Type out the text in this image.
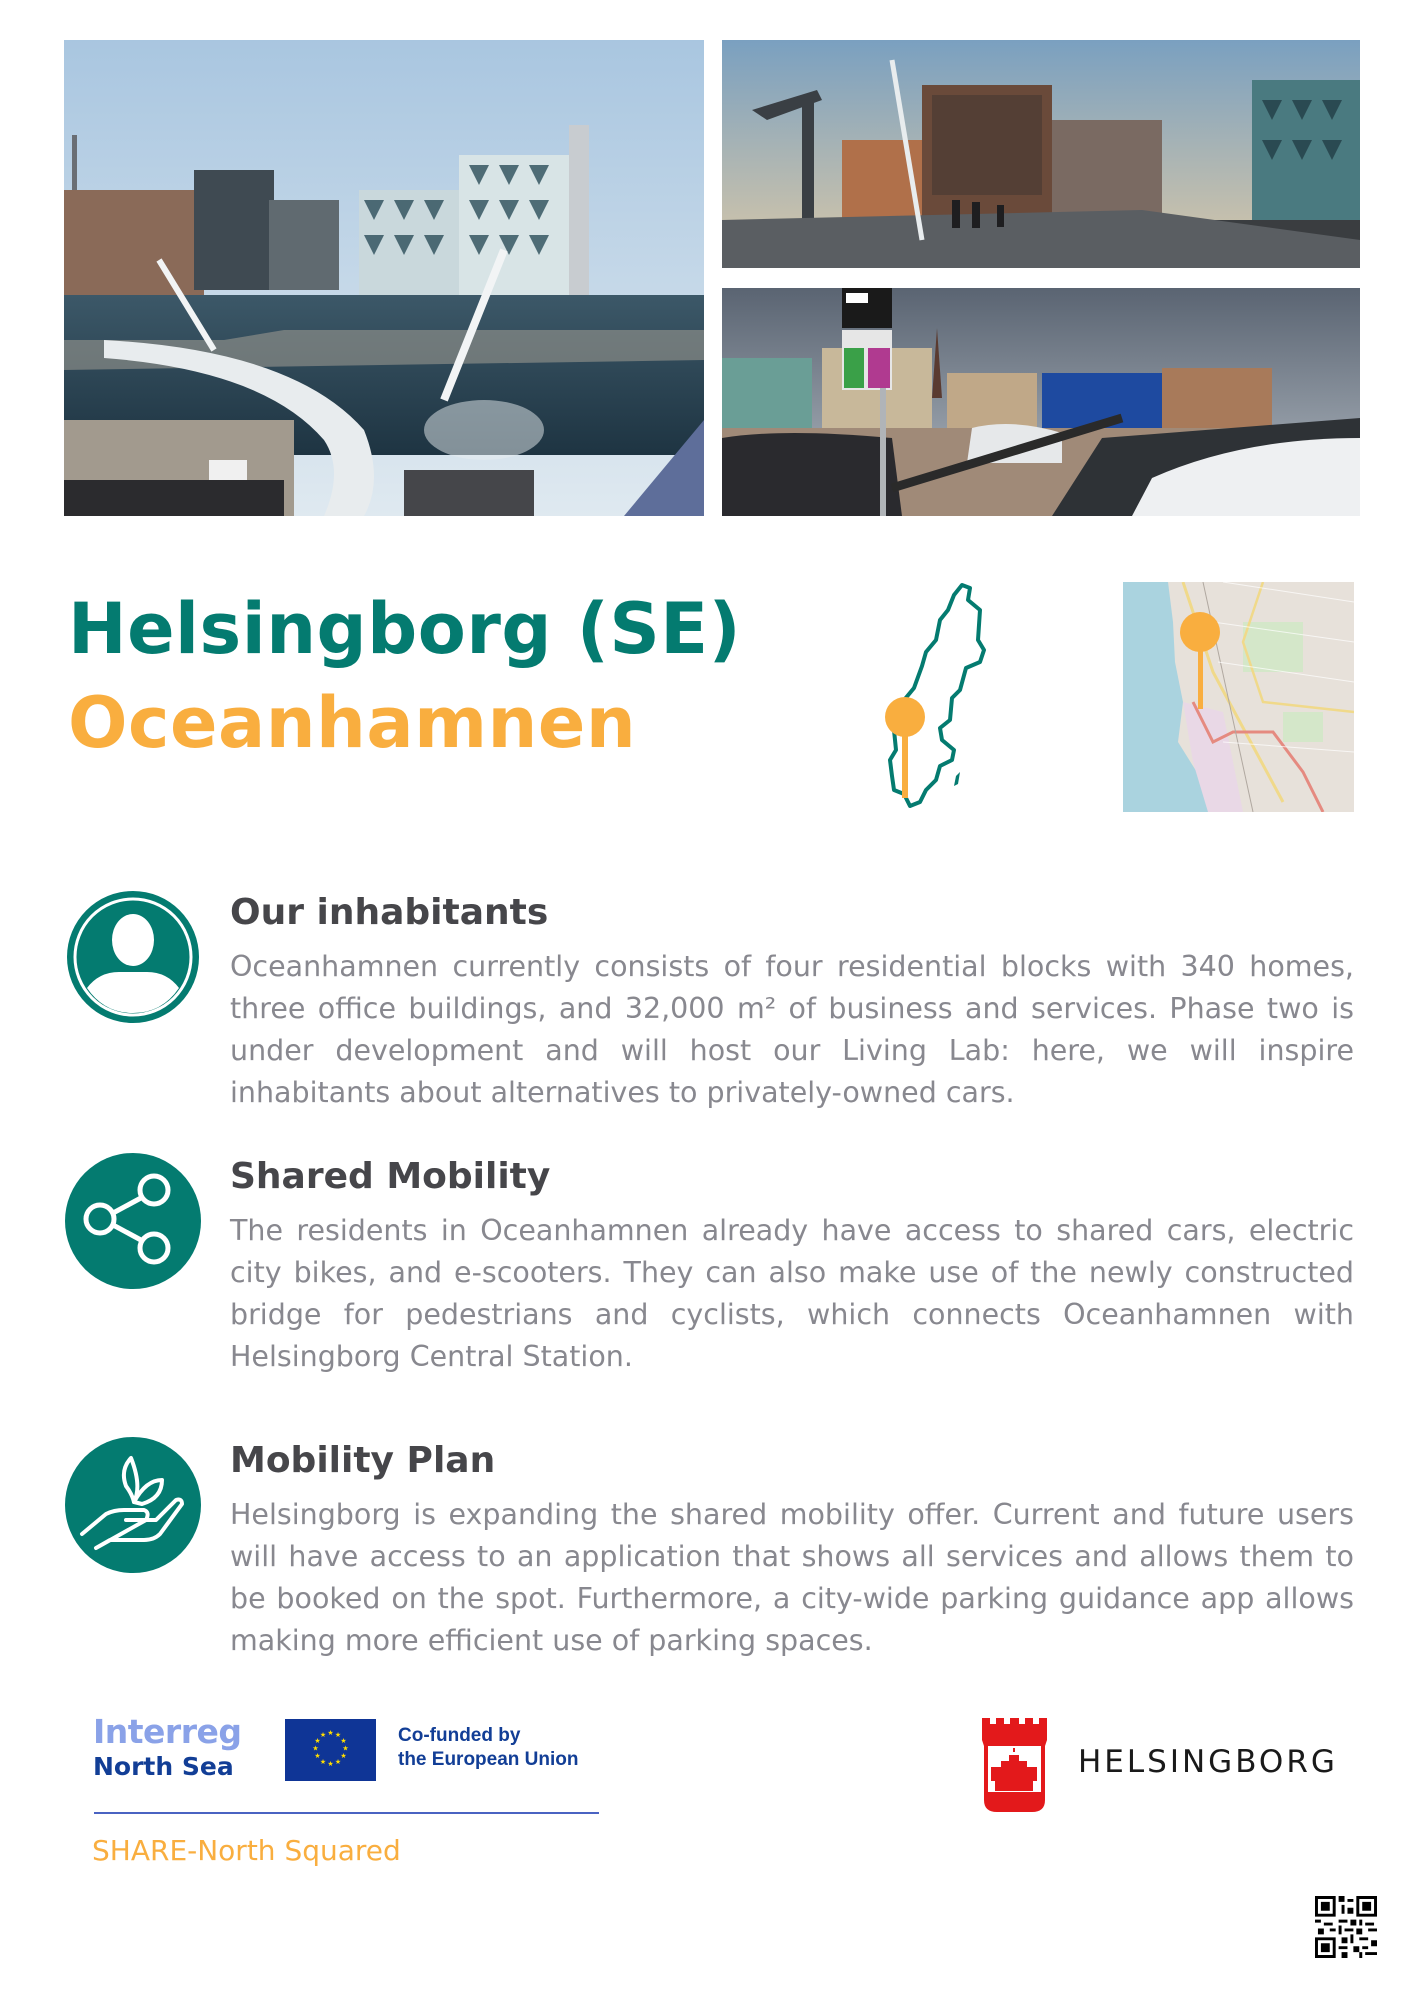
Helsingborg (SE)
Oceanhamnen
Our inhabitants
Oceanhamnen currently consists of four residential blocks with 340 homes, three office buildings, and 32,000 m² of business and services. Phase two is under development and will host our Living Lab: here, we will inspire inhabitants about alternatives to privately-owned cars.
Shared Mobility
The residents in Oceanhamnen already have access to shared cars, electric city bikes, and e-scooters. They can also make use of the newly constructed bridge for pedestrians and cyclists, which connects Oceanhamnen with Helsingborg Central Station.
Mobility Plan
Helsingborg is expanding the shared mobility offer. Current and future users will have access to an application that shows all services and allows them to be booked on the spot. Furthermore, a city-wide parking guidance app allows making more efficient use of parking spaces.
Interreg
North Sea
★ ★
★
★
★
★
★
★
★
★
★
★	Co-funded by
the European Union
SHARE-North Squared
HELSINGBORG
